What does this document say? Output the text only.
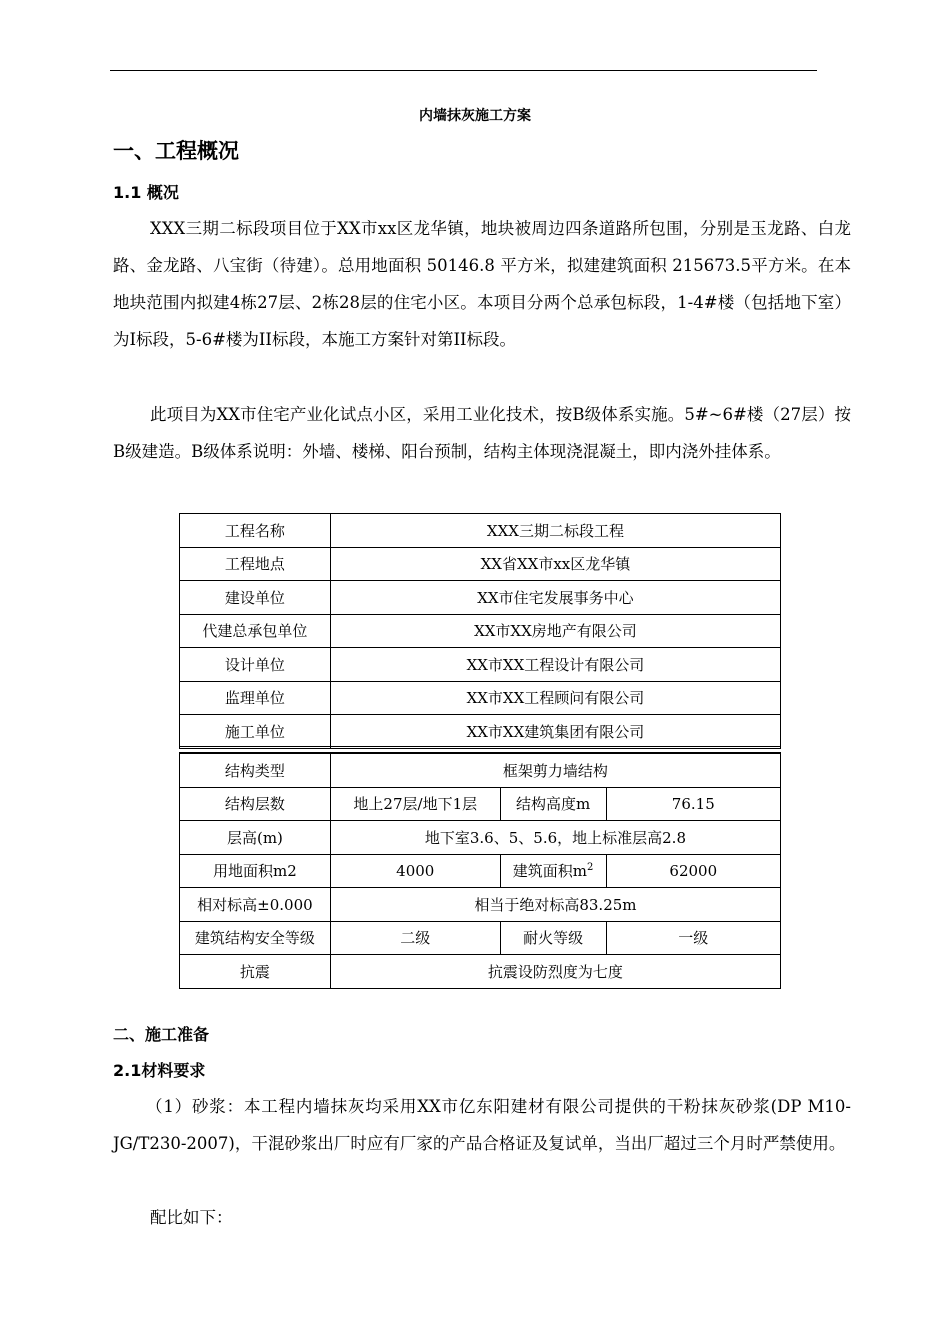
内墙抹灰施工方案
一、工程概况
1.1 概况

XXX三期二标段项目位于XX市xx区龙华镇，地块被周边四条道路所包围，分别是玉龙路、白龙路、金龙路、八宝街（待建）。总用地面积 50146.8 平方米，拟建建筑面积 215673.5平方米。在本地块范围内拟建4栋27层、2栋28层的住宅小区。本项目分两个总承包标段，1-4#楼（包括地下室）为I标段，5-6#楼为II标段，本施工方案针对第II标段。

此项目为XX市住宅产业化试点小区，采用工业化技术，按B级体系实施。5#~6#楼（27层）按B级建造。B级体系说明：外墙、楼梯、阳台预制，结构主体现浇混凝土，即内浇外挂体系。

工程名称	XXX三期二标段工程
工程地点	XX省XX市xx区龙华镇
建设单位	XX市住宅发展事务中心
代建总承包单位	XX市XX房地产有限公司
设计单位	XX市XX工程设计有限公司
监理单位	XX市XX工程顾问有限公司
施工单位	XX市XX建筑集团有限公司
结构类型	框架剪力墙结构		
结构层数	地上27层/地下1层	结构高度m	76.15
层高(m)	地下室3.6、5、5.6，地上标准层高2.8		
用地面积m2	4000	建筑面积$m^2$	62000
相对标高±0.000	相当于绝对标高83.25m		
建筑结构安全等级	二级	耐火等级	一级
抗震	抗震设防烈度为七度		
二、施工准备
2.1材料要求

（1）砂浆：本工程内墙抹灰均采用XX市亿东阳建材有限公司提供的干粉抹灰砂浆(DP M10- JG/T230-2007)，干混砂浆出厂时应有厂家的产品合格证及复试单，当出厂超过三个月时严禁使用。

配比如下：
